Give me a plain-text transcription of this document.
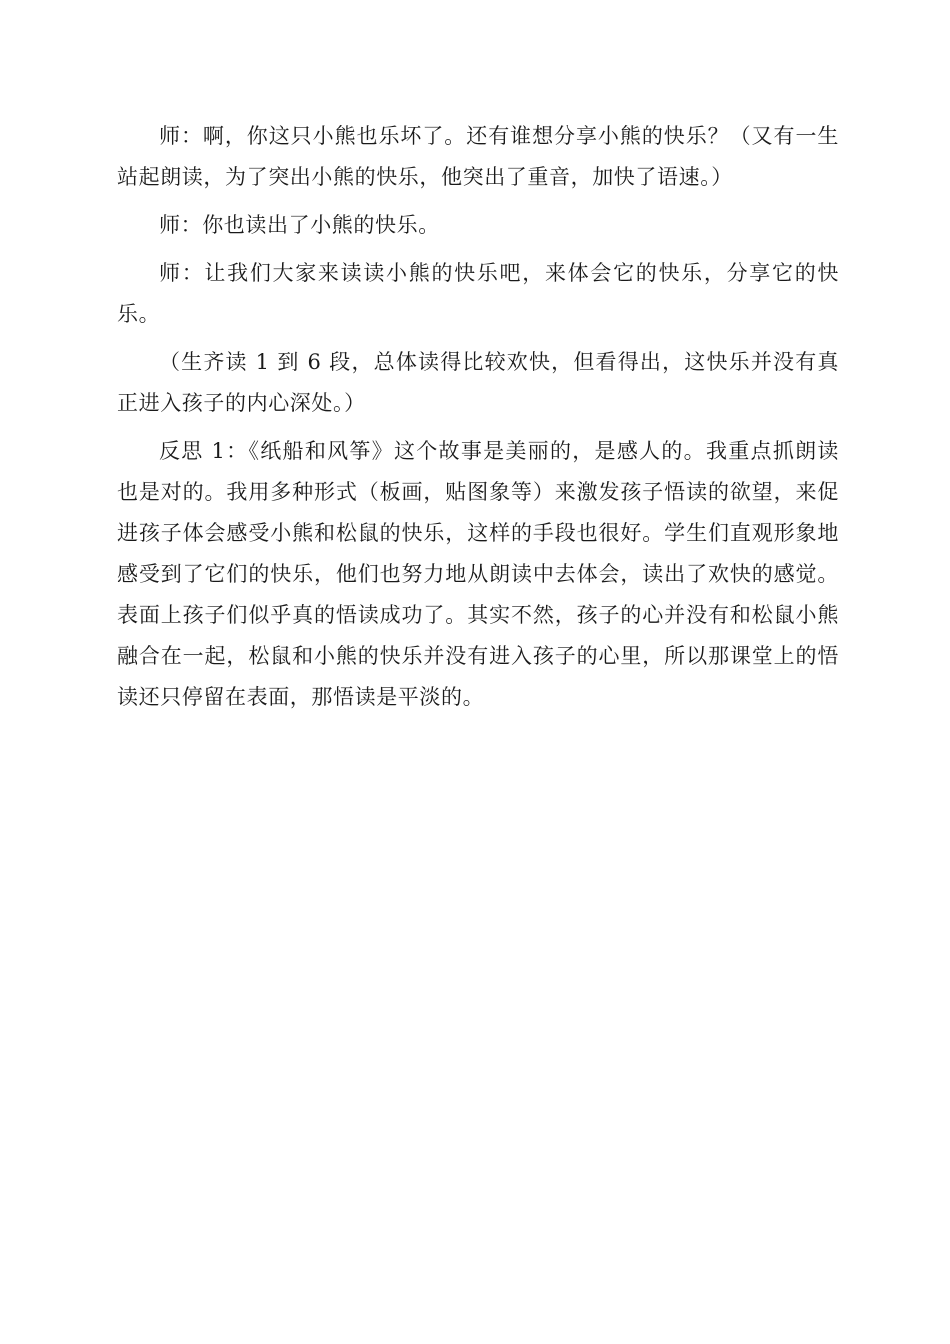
师：啊，你这只小熊也乐坏了。还有谁想分享小熊的快乐？（又有一生站起朗读，为了突出小熊的快乐，他突出了重音，加快了语速。）

师：你也读出了小熊的快乐。

师：让我们大家来读读小熊的快乐吧，来体会它的快乐，分享它的快乐。

（生齐读 1 到 6 段，总体读得比较欢快，但看得出，这快乐并没有真正进入孩子的内心深处。）

反思 1：《纸船和风筝》这个故事是美丽的，是感人的。我重点抓朗读也是对的。我用多种形式（板画，贴图象等）来激发孩子悟读的欲望，来促进孩子体会感受小熊和松鼠的快乐，这样的手段也很好。学生们直观形象地感受到了它们的快乐，他们也努力地从朗读中去体会，读出了欢快的感觉。表面上孩子们似乎真的悟读成功了。其实不然，孩子的心并没有和松鼠小熊融合在一起，松鼠和小熊的快乐并没有进入孩子的心里，所以那课堂上的悟读还只停留在表面，那悟读是平淡的。
